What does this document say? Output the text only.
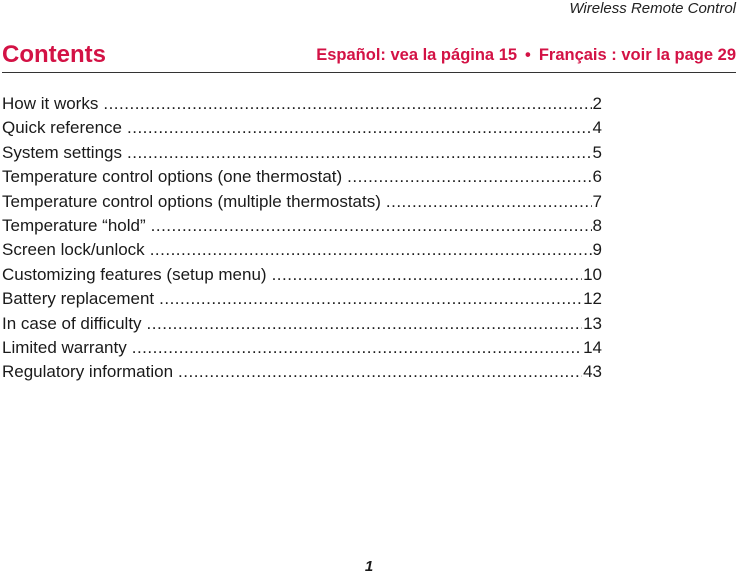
Wireless Remote Control
Contents	Español: vea la página 15 • Français : voir la page 29
How it works .....	2
Quick reference .....	4
System settings .....	5
Temperature control options (one thermostat) .....	6
Temperature control options (multiple thermostats) .....	7
Temperature “hold” .....	8
Screen lock/unlock .....	9
Customizing features (setup menu) .....	10
Battery replacement .....	12
In case of difficulty .....	13
Limited warranty .....	14
Regulatory information .....	43
1
